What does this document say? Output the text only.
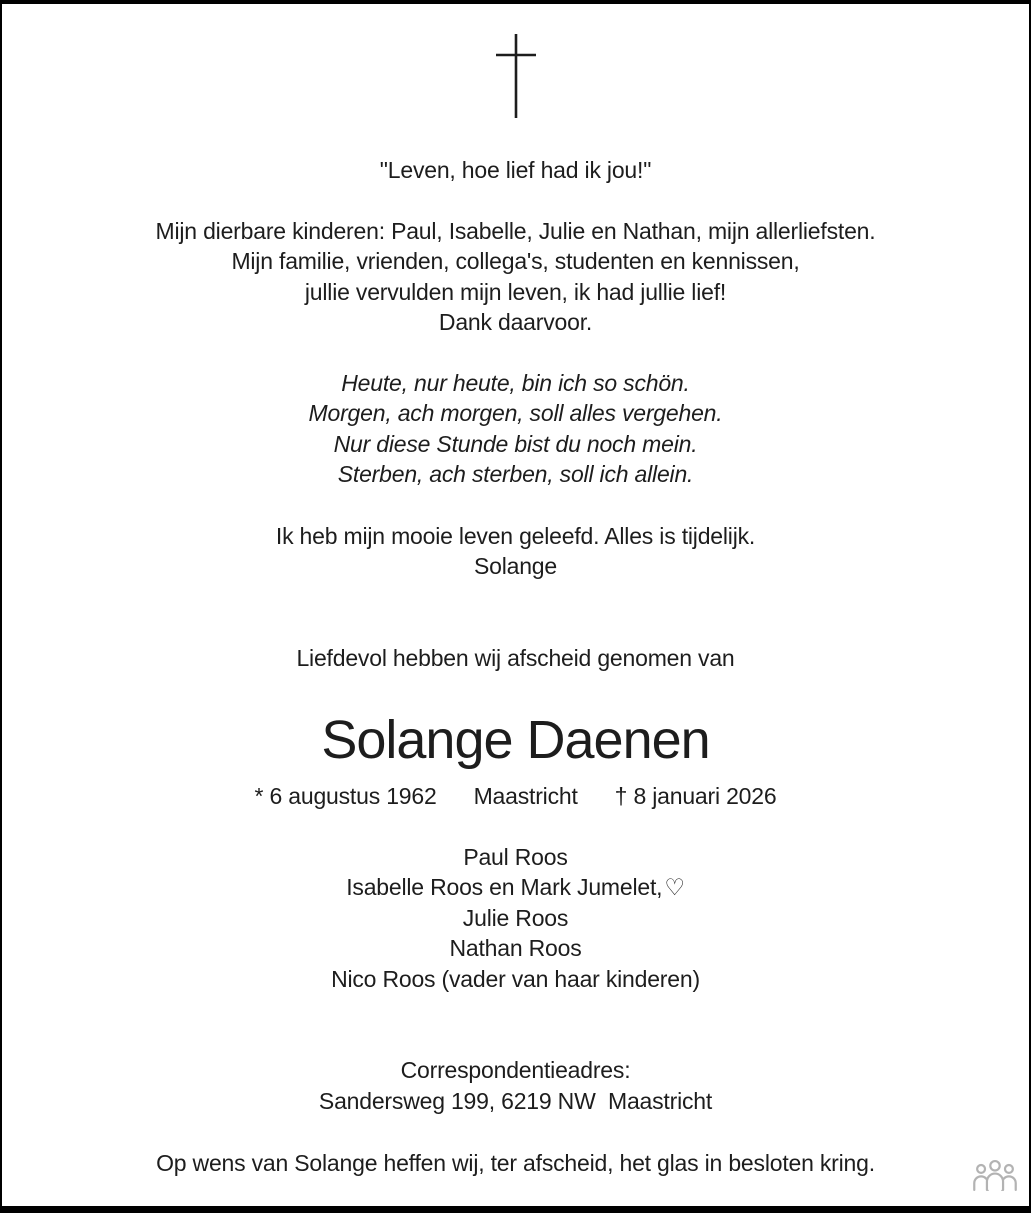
"Leven, hoe lief had ik jou!"
Mijn dierbare kinderen: Paul, Isabelle, Julie en Nathan, mijn allerliefsten.
Mijn familie, vrienden, collega's, studenten en kennissen,
jullie vervulden mijn leven, ik had jullie lief!
Dank daarvoor.
Heute, nur heute, bin ich so schön.
Morgen, ach morgen, soll alles vergehen.
Nur diese Stunde bist du noch mein.
Sterben, ach sterben, soll ich allein.
Ik heb mijn mooie leven geleefd. Alles is tijdelijk.
Solange
Liefdevol hebben wij afscheid genomen van
Solange Daenen
* 6 augustus 1962 Maastricht † 8 januari 2026
Paul Roos
Isabelle Roos en Mark Jumelet,♡
Julie Roos
Nathan Roos
Nico Roos (vader van haar kinderen)
Correspondentieadres:
Sandersweg 199, 6219 NW  Maastricht
Op wens van Solange heffen wij, ter afscheid, het glas in besloten kring.
